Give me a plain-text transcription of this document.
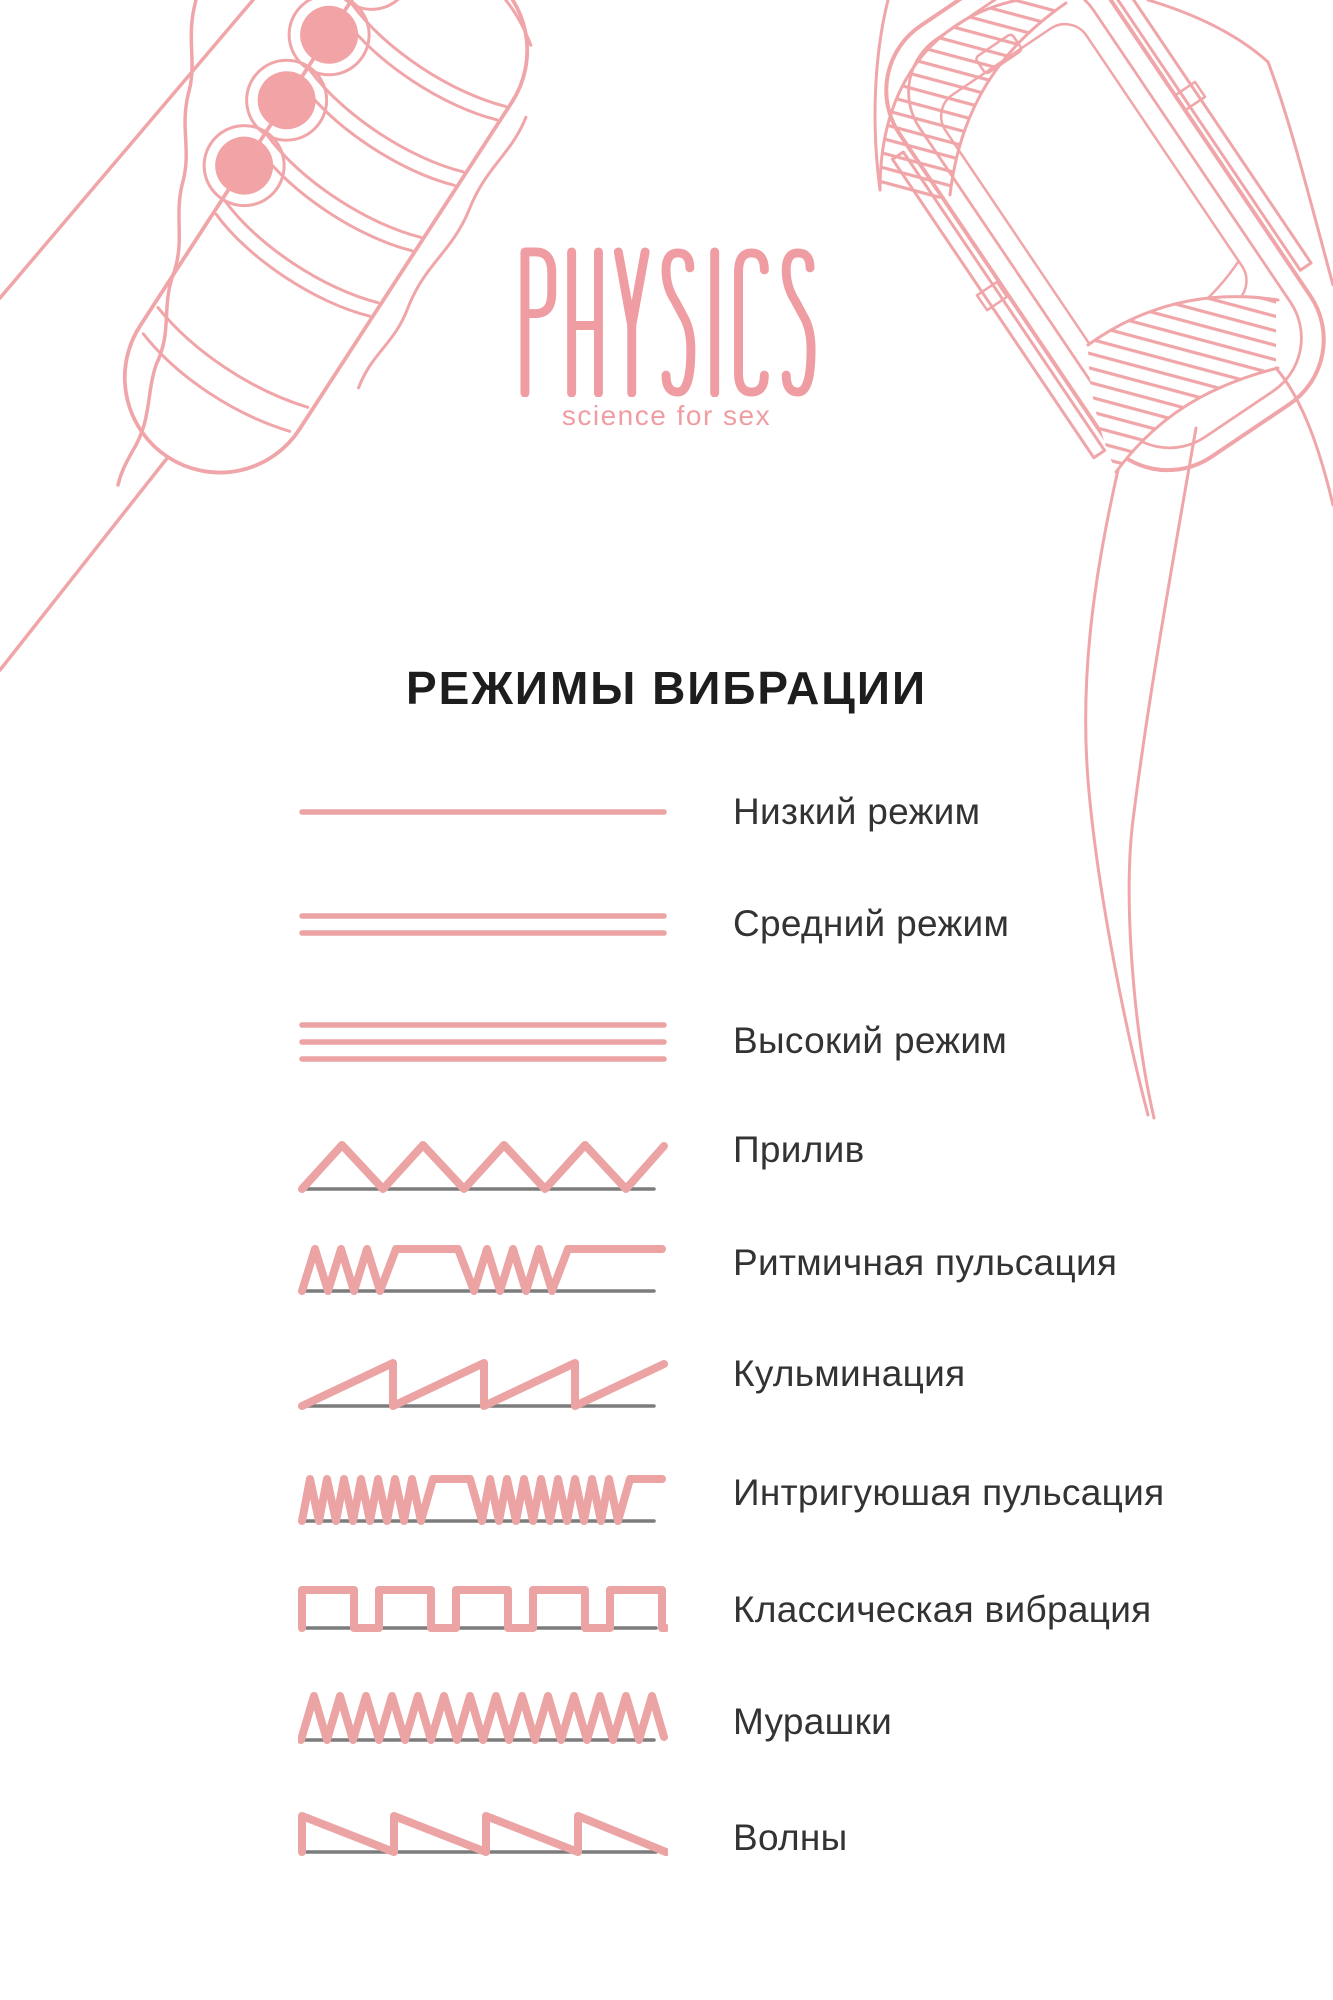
science for sex
РЕЖИМЫ ВИБРАЦИИ
Низкий режим
Средний режим
Высокий режим
Прилив
Ритмичная пульсация
Кульминация
Интригуюшая пульсация
Классическая вибрация
Мурашки
Волны
